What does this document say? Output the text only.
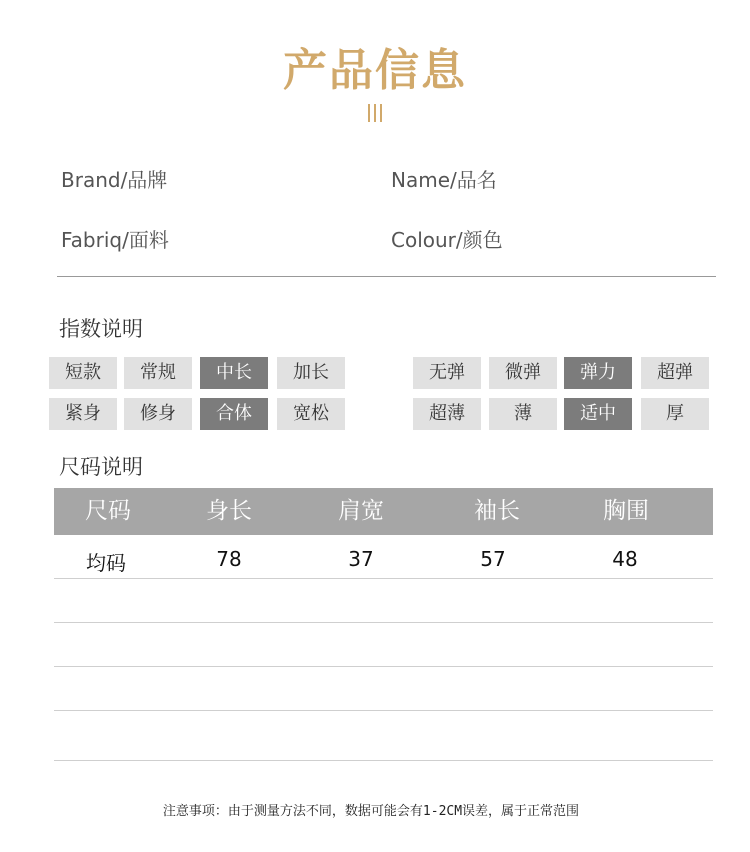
产品信息
Brand/品牌	Name/品名
Fabriq/面料	Colour/颜色
指数说明
短款	常规	中长	加长
紧身	修身	合体	宽松
无弹	微弹	弹力	超弹
超薄	薄	适中	厚
尺码说明
尺码	身长	肩宽	袖长	胸围
均码	78	37	57	48
注意事项：由于测量方法不同，数据可能会有1-2CM误差，属于正常范围
